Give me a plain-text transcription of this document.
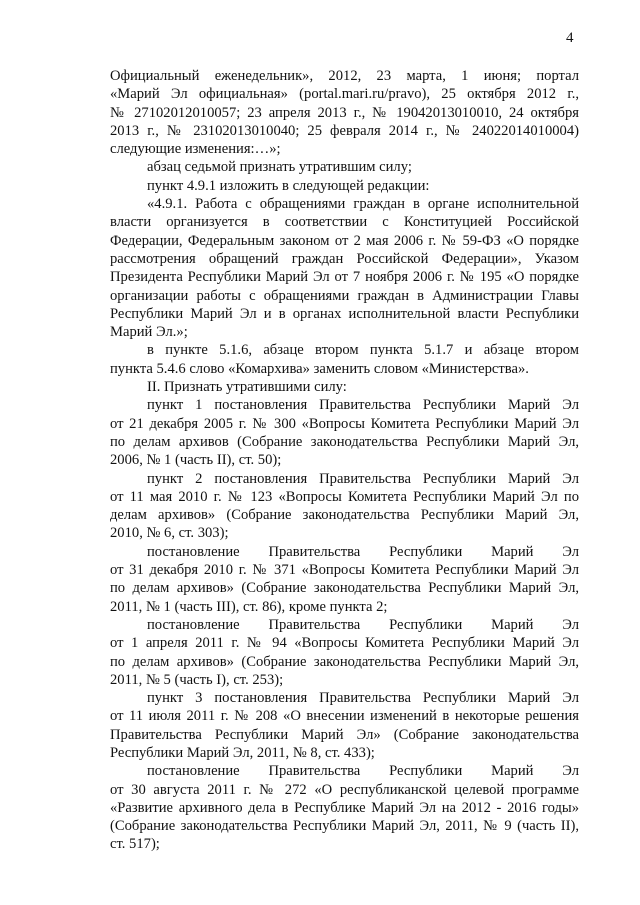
4
Официальный еженедельник», 2012, 23 марта, 1 июня; портал
«Марий Эл официальная» (portal.mari.ru/pravo), 25 октября 2012 г.,
№ 27102012010057; 23 апреля 2013 г., № 19042013010010, 24 октября
2013 г., № 23102013010040; 25 февраля 2014 г., № 24022014010004)
следующие изменения:…»;
абзац седьмой признать утратившим силу;
пункт 4.9.1 изложить в следующей редакции:
«4.9.1. Работа с обращениями граждан в органе исполнительной
власти организуется в соответствии с Конституцией Российской
Федерации, Федеральным законом от 2 мая 2006 г. № 59-ФЗ «О порядке
рассмотрения обращений граждан Российской Федерации», Указом
Президента Республики Марий Эл от 7 ноября 2006 г. № 195 «О порядке
организации работы с обращениями граждан в Администрации Главы
Республики Марий Эл и в органах исполнительной власти Республики
Марий Эл.»;
в пункте 5.1.6, абзаце втором пункта 5.1.7 и абзаце втором
пункта 5.4.6 слово «Комархива» заменить словом «Министерства».
II. Признать утратившими силу:
пункт 1 постановления Правительства Республики Марий Эл
от 21 декабря 2005 г. № 300 «Вопросы Комитета Республики Марий Эл
по делам архивов (Собрание законодательства Республики Марий Эл,
2006, № 1 (часть II), ст. 50);
пункт 2 постановления Правительства Республики Марий Эл
от 11 мая 2010 г. № 123 «Вопросы Комитета Республики Марий Эл по
делам архивов» (Собрание законодательства Республики Марий Эл,
2010, № 6, ст. 303);
постановление Правительства Республики Марий Эл
от 31 декабря 2010 г. № 371 «Вопросы Комитета Республики Марий Эл
по делам архивов» (Собрание законодательства Республики Марий Эл,
2011, № 1 (часть III), ст. 86), кроме пункта 2;
постановление Правительства Республики Марий Эл
от 1 апреля 2011 г. № 94 «Вопросы Комитета Республики Марий Эл
по делам архивов» (Собрание законодательства Республики Марий Эл,
2011, № 5 (часть I), ст. 253);
пункт 3 постановления Правительства Республики Марий Эл
от 11 июля 2011 г. № 208 «О внесении изменений в некоторые решения
Правительства Республики Марий Эл» (Собрание законодательства
Республики Марий Эл, 2011, № 8, ст. 433);
постановление Правительства Республики Марий Эл
от 30 августа 2011 г. № 272 «О республиканской целевой программе
«Развитие архивного дела в Республике Марий Эл на 2012 - 2016 годы»
(Собрание законодательства Республики Марий Эл, 2011, № 9 (часть II),
ст. 517);
